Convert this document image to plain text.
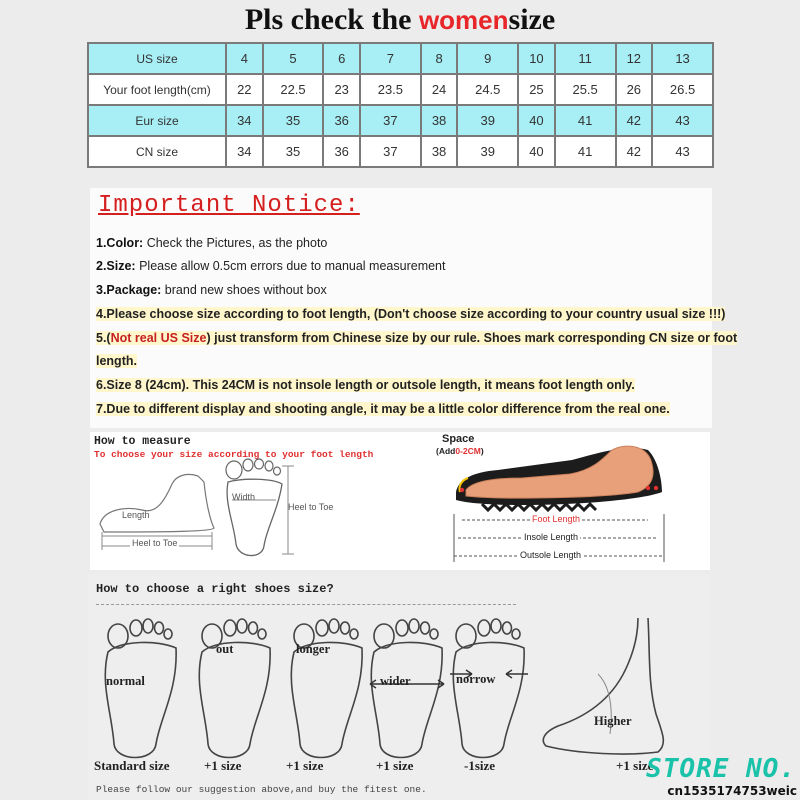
Pls check the womensize
US size	4	5	6	7	8	9	10	11	12	13
Your foot length(cm)	22	22.5	23	23.5	24	24.5	25	25.5	26	26.5
Eur size	34	35	36	37	38	39	40	41	42	43
CN size	34	35	36	37	38	39	40	41	42	43
Important Notice:
1.Color: Check the Pictures, as the photo
2.Size: Please allow 0.5cm errors due to manual measurement
3.Package: brand new shoes without box
4.Please choose size according to foot length, (Don't choose size according to your country usual size !!!)
5.(Not real US Size) just transform from Chinese size by our rule. Shoes mark corresponding CN size or foot
length.
6.Size 8 (24cm). This 24CM is not insole length or outsole length, it means foot length only.
7.Due to different display and shooting angle, it may be a little color difference from the real one.
How to measure
To choose your size according to your foot length
Length
Heel to Toe
Width
Heel to Toe
Space
(Add0-2CM)
Foot Length
Insole Length
Outsole Length
How to choose a right shoes size?
normal
Standard size
out
+1 size
longer
+1 size
wider
+1 size
norrow
-1size
Higher
+1 size
Please follow our suggestion above,and buy the fitest one.
STORE NO.
cn1535174753weic
